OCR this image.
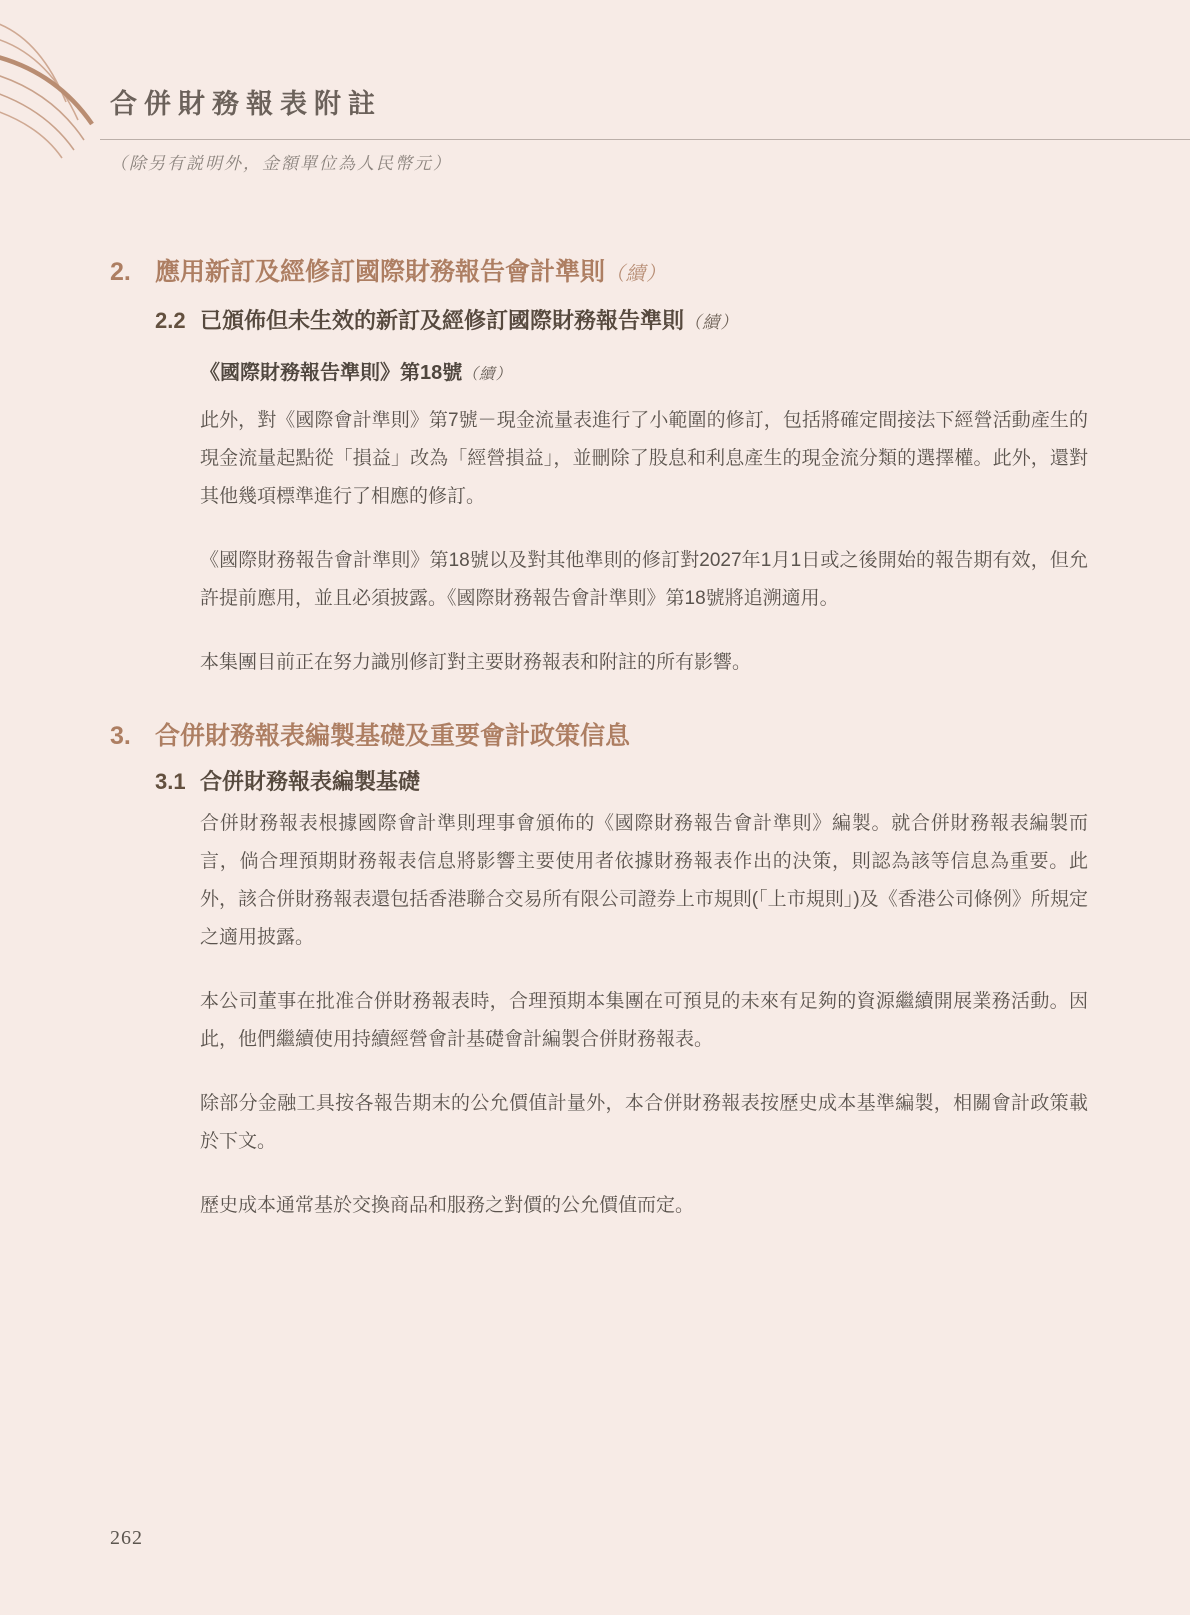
合併財務報表附註
（除另有説明外，金額單位為人民幣元）
2. 應用新訂及經修訂國際財務報告會計準則（續）
2.2 已頒佈但未生效的新訂及經修訂國際財務報告準則（續）
《國際財務報告準則》第18號（續）

此外，對《國際會計準則》第7號－現金流量表進行了小範圍的修訂，包括將確定間接法下經營活動產生的現金流量起點從「損益」改為「經營損益」，並刪除了股息和利息產生的現金流分類的選擇權。此外，還對其他幾項標準進行了相應的修訂。

《國際財務報告會計準則》第18號以及對其他準則的修訂對2027年1月1日或之後開始的報告期有效，但允許提前應用，並且必須披露。《國際財務報告會計準則》第18號將追溯適用。

本集團目前正在努力識別修訂對主要財務報表和附註的所有影響。

3. 合併財務報表編製基礎及重要會計政策信息
3.1 合併財務報表編製基礎

合併財務報表根據國際會計準則理事會頒佈的《國際財務報告會計準則》編製。就合併財務報表編製而言，倘合理預期財務報表信息將影響主要使用者依據財務報表作出的決策，則認為該等信息為重要。此外，該合併財務報表還包括香港聯合交易所有限公司證券上市規則(「上市規則」)及《香港公司條例》所規定之適用披露。

本公司董事在批准合併財務報表時，合理預期本集團在可預見的未來有足夠的資源繼續開展業務活動。因此，他們繼續使用持續經營會計基礎會計編製合併財務報表。

除部分金融工具按各報告期末的公允價值計量外，本合併財務報表按歷史成本基準編製，相關會計政策載於下文。

歷史成本通常基於交換商品和服務之對價的公允價值而定。

262
